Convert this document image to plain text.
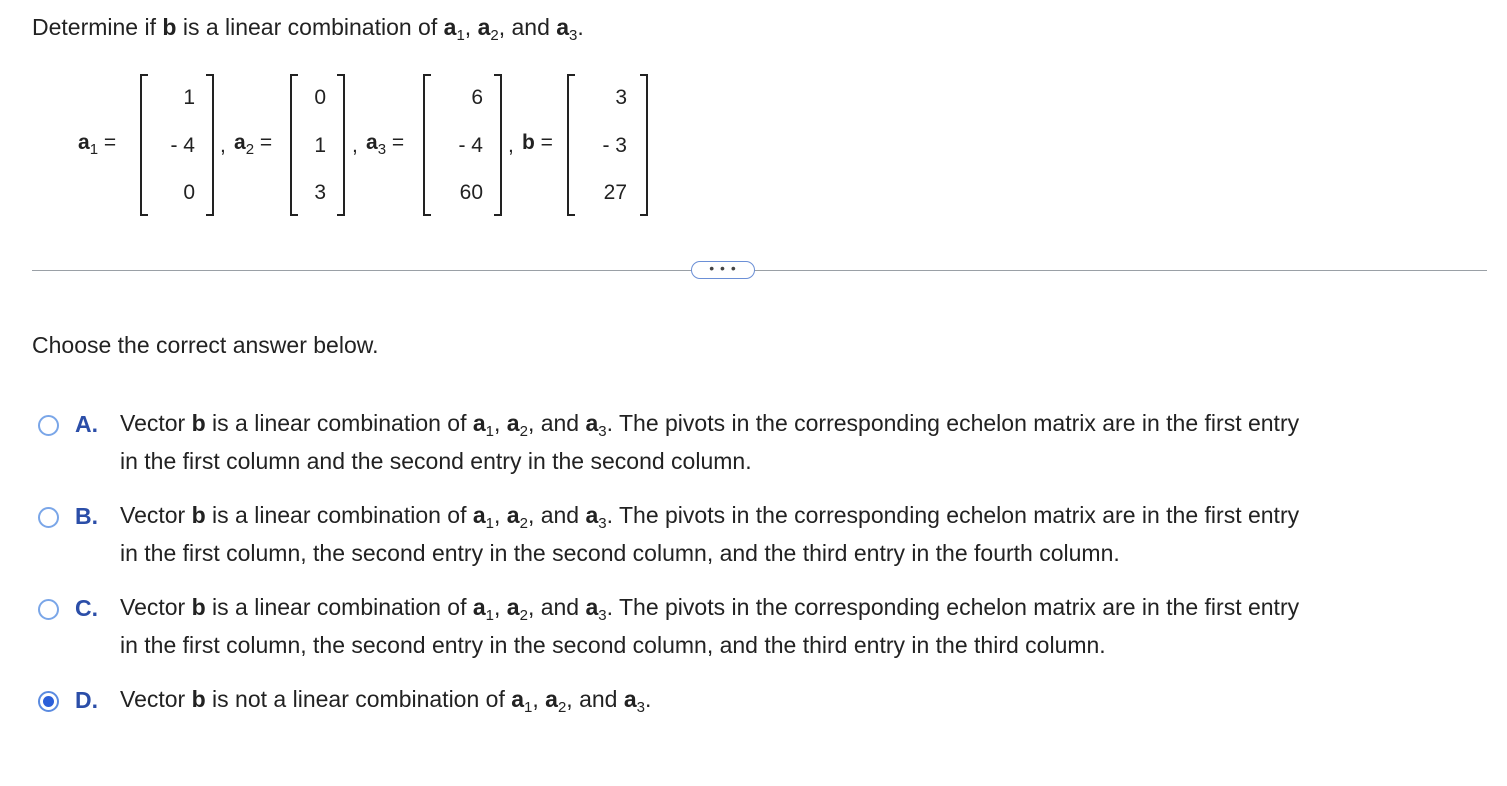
Determine if b is a linear combination of $a_1$, $a_2$, and $a_3$.
$a_1$ =
1
- 4
0
, $a_2$ =
0
1
3
, $a_3$ =
6
- 4
60
, b =
3
- 3
27
• • •
Choose the correct answer below.
A. Vector b is a linear combination of $a_1$, $a_2$, and $a_3$. The pivots in the corresponding echelon matrix are in the first entry
in the first column and the second entry in the second column.
B. Vector b is a linear combination of $a_1$, $a_2$, and $a_3$. The pivots in the corresponding echelon matrix are in the first entry
in the first column, the second entry in the second column, and the third entry in the fourth column.
C. Vector b is a linear combination of $a_1$, $a_2$, and $a_3$. The pivots in the corresponding echelon matrix are in the first entry
in the first column, the second entry in the second column, and the third entry in the third column.
D. Vector b is not a linear combination of $a_1$, $a_2$, and $a_3$.
